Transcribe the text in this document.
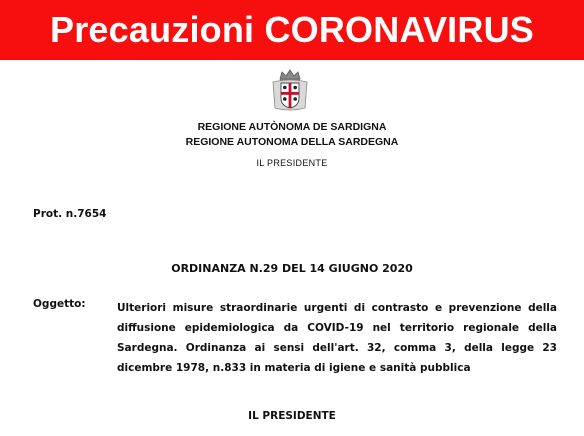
Precauzioni CORONAVIRUS
REGIONE AUTÒNOMA DE SARDIGNA
REGIONE AUTONOMA DELLA SARDEGNA
IL PRESIDENTE
Prot. n.7654
ORDINANZA N.29 DEL 14 GIUGNO 2020
Oggetto:	Ulteriori misure straordinarie urgenti di contrasto e prevenzione della
diffusione epidemiologica da COVID-19 nel territorio regionale della
Sardegna. Ordinanza ai sensi dell'art. 32, comma 3, della legge 23
dicembre 1978, n.833 in materia di igiene e sanità pubblica
IL PRESIDENTE
